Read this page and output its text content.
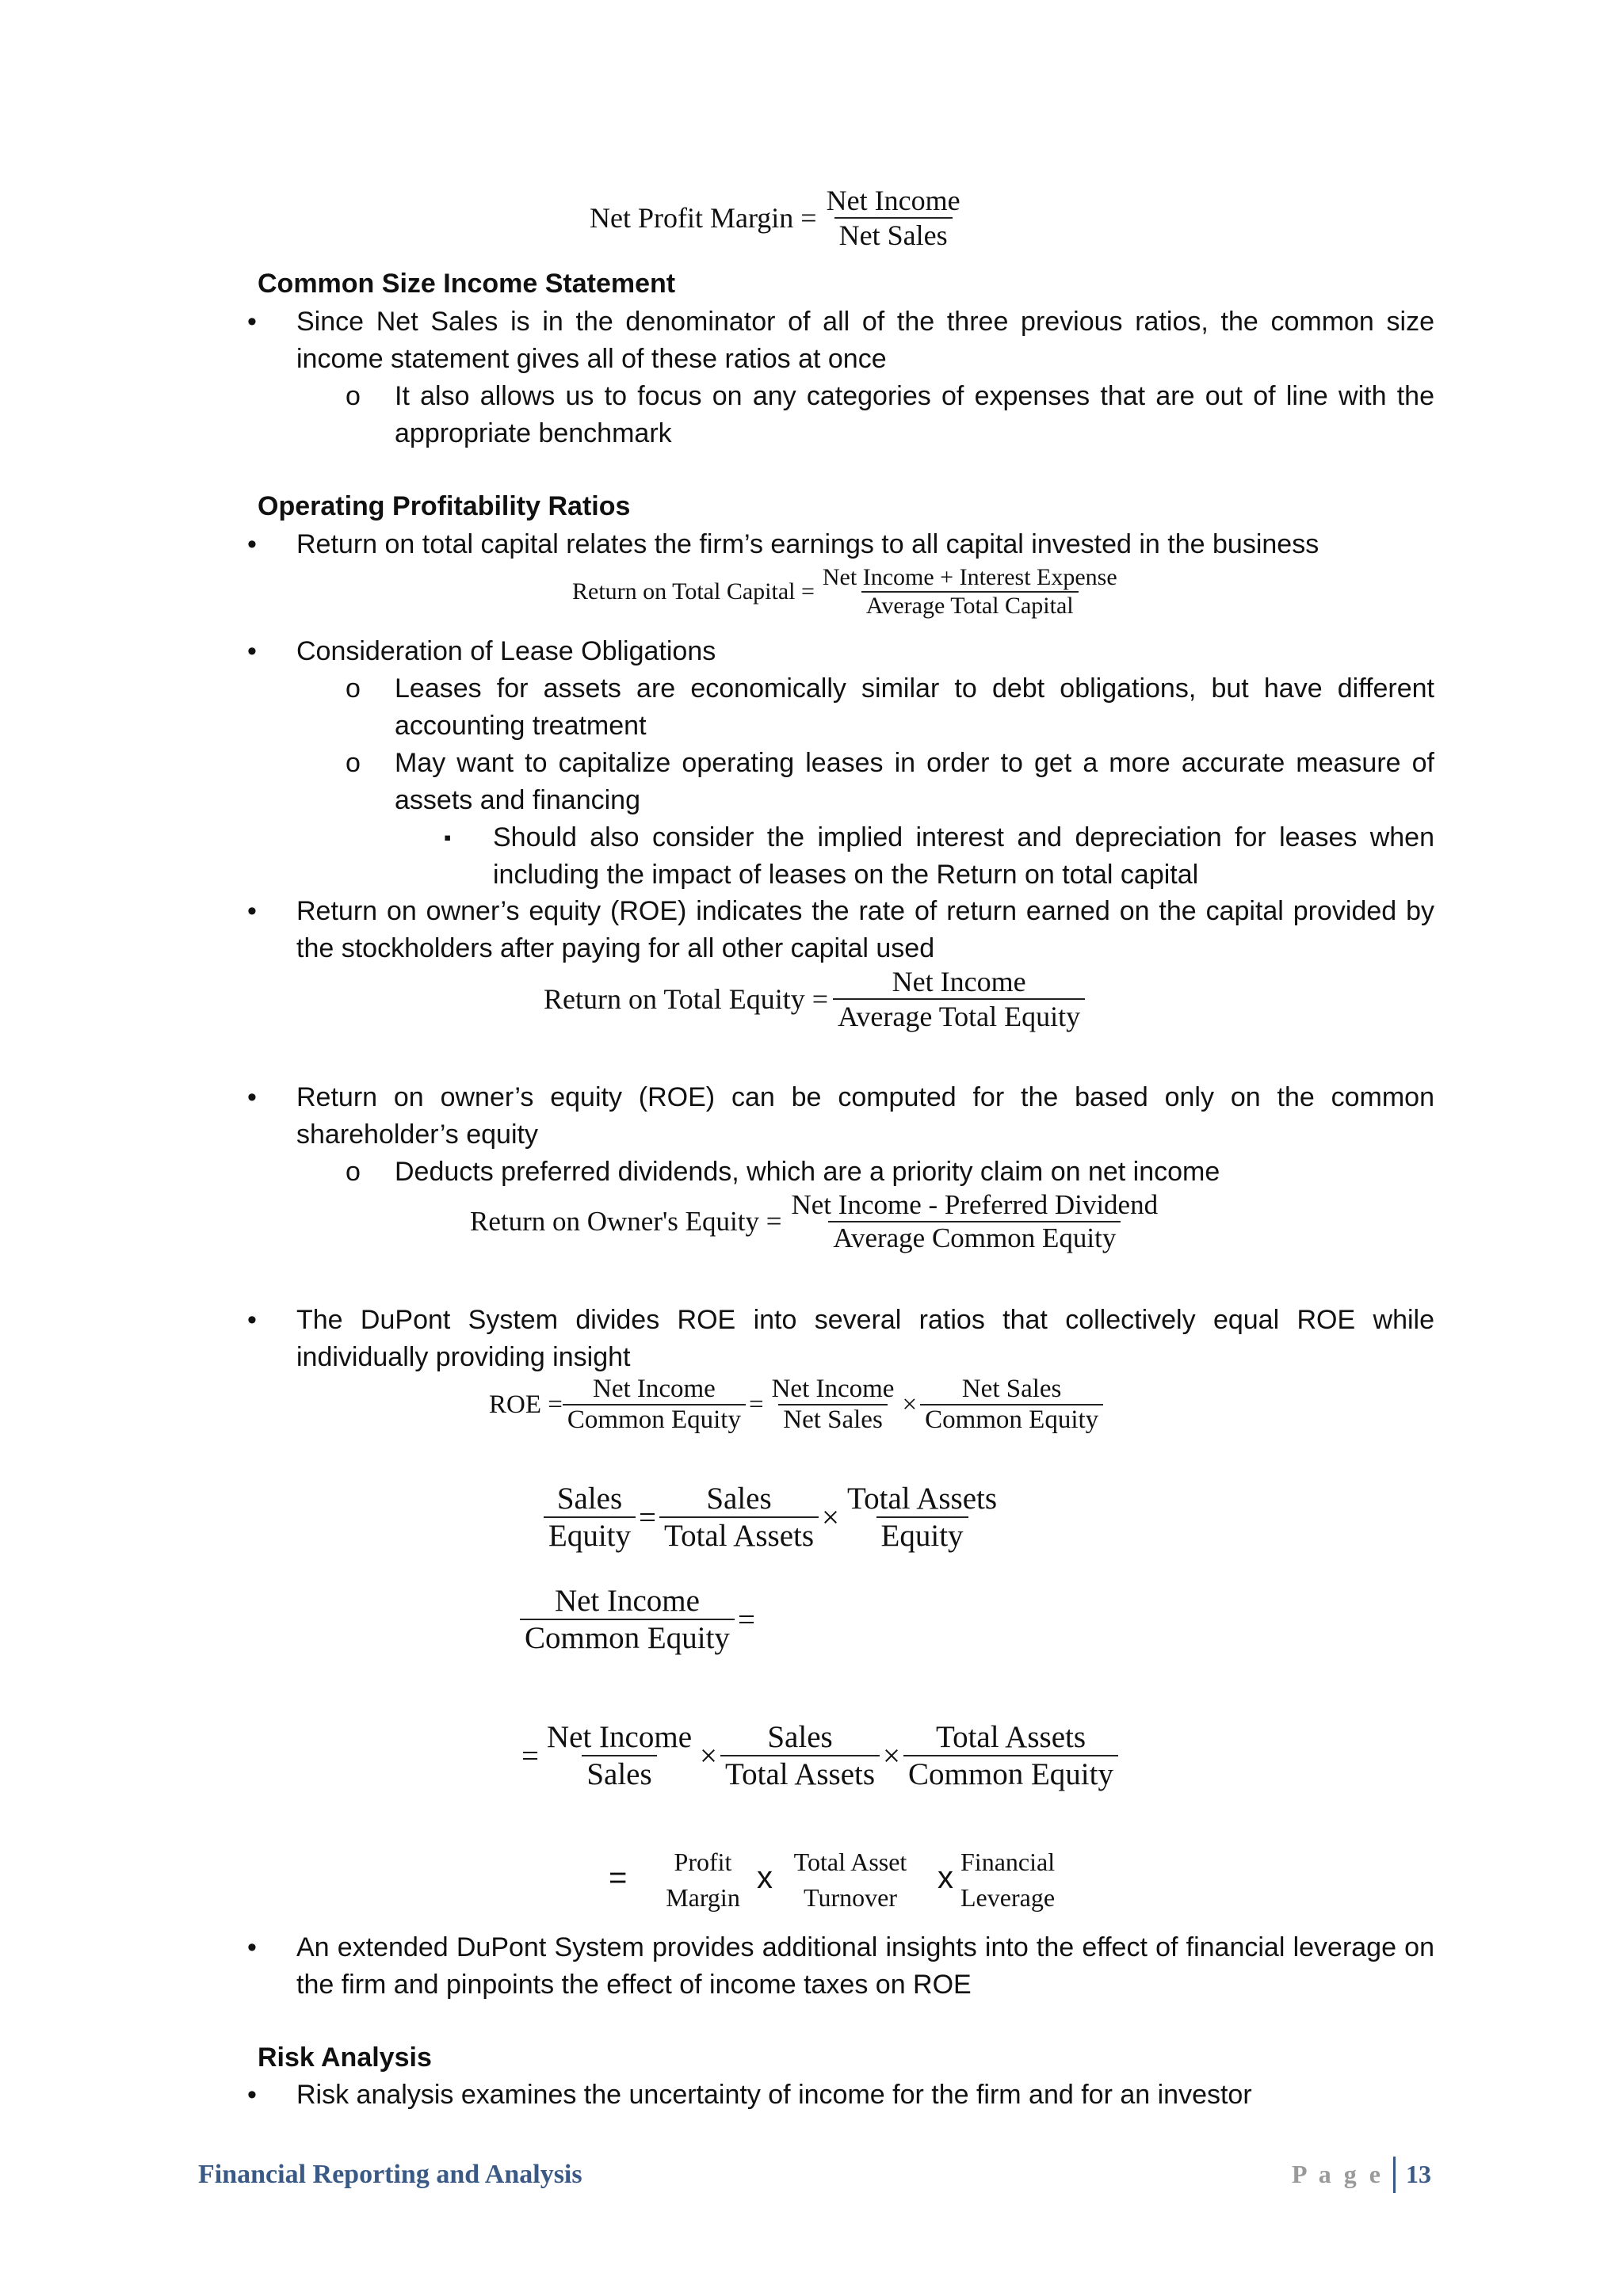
Net Profit Margin = $\frac{\text{Net Income}}{\text{Net Sales}}$
Common Size Income Statement
• Since Net Sales is in the denominator of all of the three previous ratios, the common size income statement gives all of these ratios at once
o It also allows us to focus on any categories of expenses that are out of line with the appropriate benchmark
Operating Profitability Ratios
• Return on total capital relates the firm’s earnings to all capital invested in the business
Return on Total Capital = $\frac{\text{Net Income + Interest Expense}}{\text{Average Total Capital}}$
• Consideration of Lease Obligations
o Leases for assets are economically similar to debt obligations, but have different accounting treatment
o May want to capitalize operating leases in order to get a more accurate measure of assets and financing
▪ Should also consider the implied interest and depreciation for leases when including the impact of leases on the Return on total capital
• Return on owner’s equity (ROE) indicates the rate of return earned on the capital provided by the stockholders after paying for all other capital used
Return on Total Equity = $\frac{\text{Net Income}}{\text{Average Total Equity}}$
• Return on owner’s equity (ROE) can be computed for the based only on the common shareholder’s equity
o Deducts preferred dividends, which are a priority claim on net income
Return on Owner's Equity = $\frac{\text{Net Income - Preferred Dividend}}{\text{Average Common Equity}}$
• The DuPont System divides ROE into several ratios that collectively equal ROE while individually providing insight
ROE = $\frac{\text{Net Income}}{\text{Common Equity}} = \frac{\text{Net Income}}{\text{Net Sales}} \times \frac{\text{Net Sales}}{\text{Common Equity}}$
$\frac{\text{Sales}}{\text{Equity}} = \frac{\text{Sales}}{\text{Total Assets}} \times \frac{\text{Total Assets}}{\text{Equity}}$
$\frac{\text{Net Income}}{\text{Common Equity}}$ =
= $\frac{\text{Net Income}}{\text{Sales}} \times \frac{\text{Sales}}{\text{Total Assets}} \times \frac{\text{Total Assets}}{\text{Common Equity}}$
=	Profit
Margin
x Total Asset
Turnover
x Financial
Leverage
• An extended DuPont System provides additional insights into the effect of financial leverage on the firm and pinpoints the effect of income taxes on ROE
Risk Analysis
• Risk analysis examines the uncertainty of income for the firm and for an investor
Financial Reporting and Analysis	P a g e 13
